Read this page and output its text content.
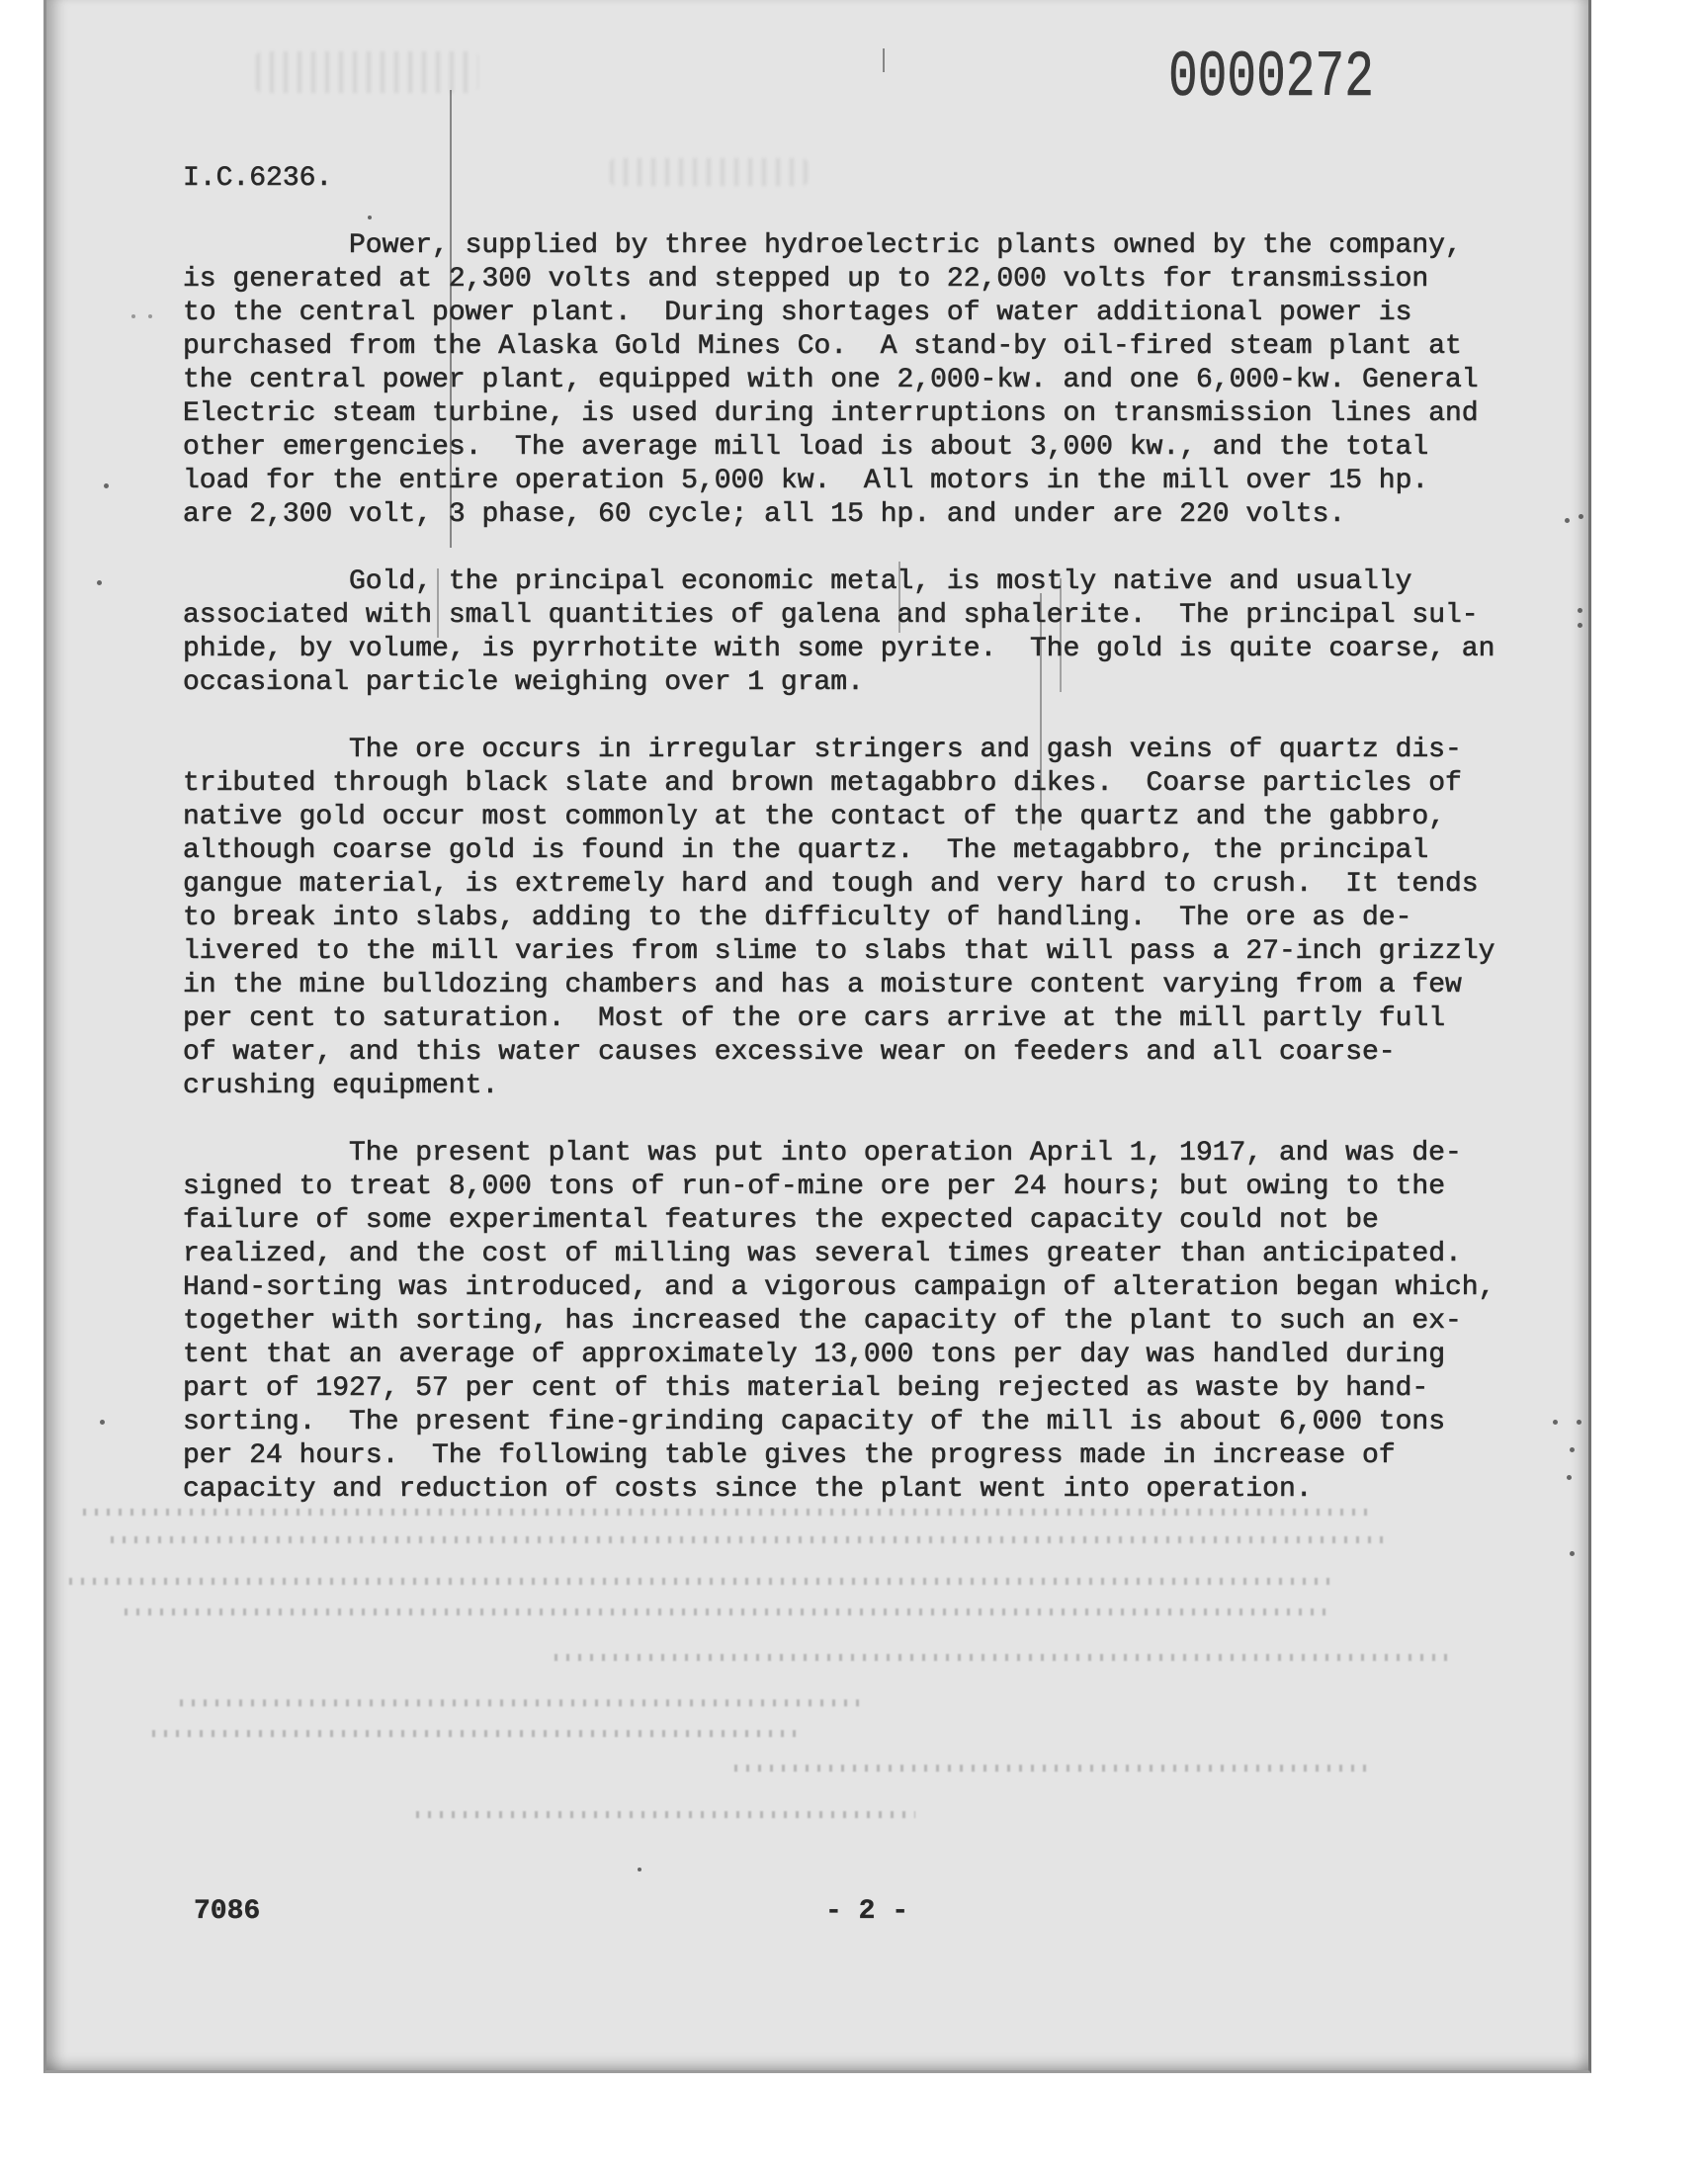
0000272
I.C.6236.
Power, supplied by three hydroelectric plants owned by the company,
is generated at 2,300 volts and stepped up to 22,000 volts for transmission
to the central power plant.  During shortages of water additional power is
purchased from the Alaska Gold Mines Co.  A stand-by oil-fired steam plant at
the central power plant, equipped with one 2,000-kw. and one 6,000-kw. General
Electric steam turbine, is used during interruptions on transmission lines and
other emergencies.  The average mill load is about 3,000 kw., and the total
load for the entire operation 5,000 kw.  All motors in the mill over 15 hp.
are 2,300 volt, 3 phase, 60 cycle; all 15 hp. and under are 220 volts.
Gold, the principal economic metal, is mostly native and usually
associated with small quantities of galena and sphalerite.  The principal sul-
phide, by volume, is pyrrhotite with some pyrite.  The gold is quite coarse, an
occasional particle weighing over 1 gram.
The ore occurs in irregular stringers and gash veins of quartz dis-
tributed through black slate and brown metagabbro dikes.  Coarse particles of
native gold occur most commonly at the contact of the quartz and the gabbro,
although coarse gold is found in the quartz.  The metagabbro, the principal
gangue material, is extremely hard and tough and very hard to crush.  It tends
to break into slabs, adding to the difficulty of handling.  The ore as de-
livered to the mill varies from slime to slabs that will pass a 27-inch grizzly
in the mine bulldozing chambers and has a moisture content varying from a few
per cent to saturation.  Most of the ore cars arrive at the mill partly full
of water, and this water causes excessive wear on feeders and all coarse-
crushing equipment.
The present plant was put into operation April 1, 1917, and was de-
signed to treat 8,000 tons of run-of-mine ore per 24 hours; but owing to the
failure of some experimental features the expected capacity could not be
realized, and the cost of milling was several times greater than anticipated.
Hand-sorting was introduced, and a vigorous campaign of alteration began which,
together with sorting, has increased the capacity of the plant to such an ex-
tent that an average of approximately 13,000 tons per day was handled during
part of 1927, 57 per cent of this material being rejected as waste by hand-
sorting.  The present fine-grinding capacity of the mill is about 6,000 tons
per 24 hours.  The following table gives the progress made in increase of
capacity and reduction of costs since the plant went into operation.
7086	- 2 -
